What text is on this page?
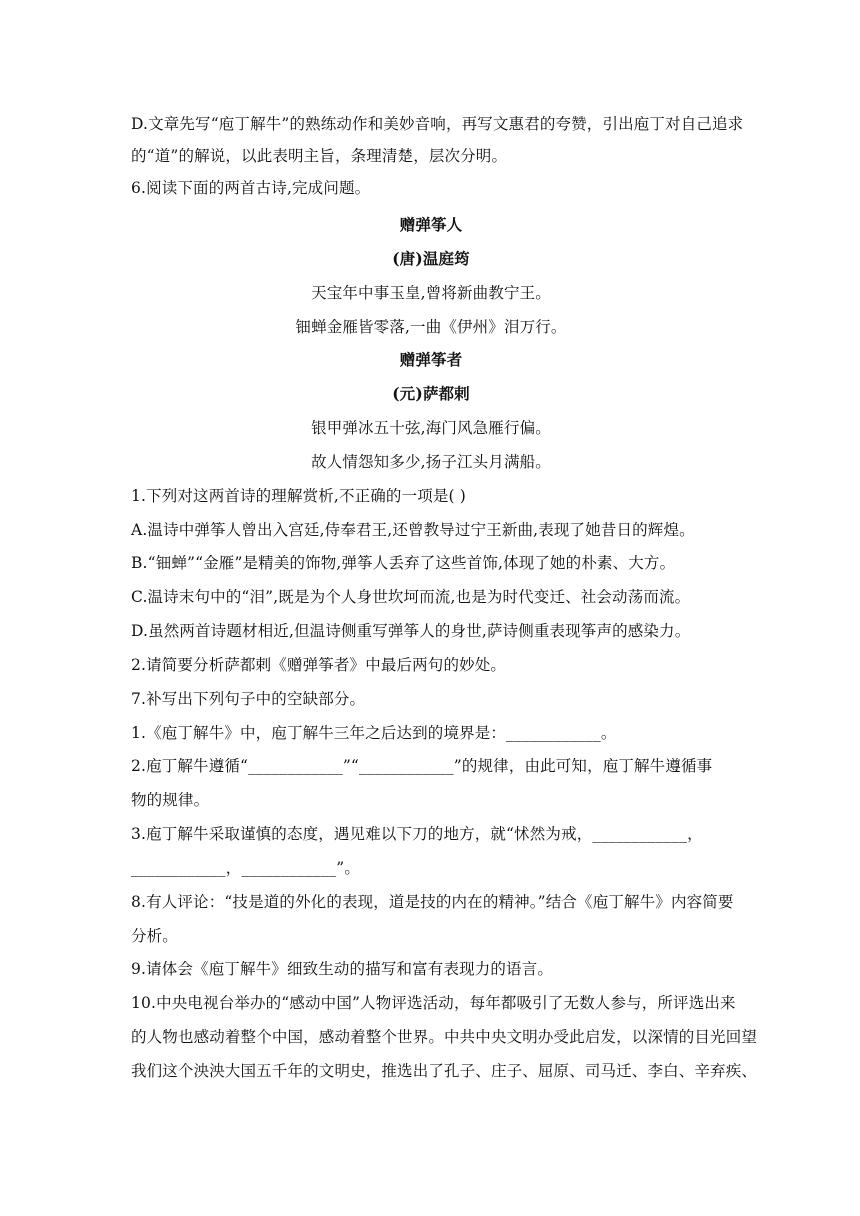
D.文章先写“庖丁解牛”的熟练动作和美妙音响，再写文惠君的夸赞，引出庖丁对自己追求
的“道”的解说，以此表明主旨，条理清楚，层次分明。
6.阅读下面的两首古诗,完成问题。
赠弹筝人
(唐)温庭筠
天宝年中事玉皇,曾将新曲教宁王。
钿蝉金雁皆零落,一曲《伊州》泪万行。
赠弹筝者
(元)萨都剌
银甲弹冰五十弦,海门风急雁行偏。
故人情怨知多少,扬子江头月满船。
1.下列对这两首诗的理解赏析,不正确的一项是( )
A.温诗中弹筝人曾出入宫廷,侍奉君王,还曾教导过宁王新曲,表现了她昔日的辉煌。
B.“钿蝉”“金雁”是精美的饰物,弹筝人丢弃了这些首饰,体现了她的朴素、大方。
C.温诗末句中的“泪”,既是为个人身世坎坷而流,也是为时代变迁、社会动荡而流。
D.虽然两首诗题材相近,但温诗侧重写弹筝人的身世,萨诗侧重表现筝声的感染力。
2.请简要分析萨都剌《赠弹筝者》中最后两句的妙处。
7.补写出下列句子中的空缺部分。
1.《庖丁解牛》中，庖丁解牛三年之后达到的境界是：____________。
2.庖丁解牛遵循“____________”“____________”的规律，由此可知，庖丁解牛遵循事
物的规律。
3.庖丁解牛采取谨慎的态度，遇见难以下刀的地方，就“怵然为戒，____________，
____________，____________”。
8.有人评论：“技是道的外化的表现，道是技的内在的精神。”结合《庖丁解牛》内容简要
分析。
9.请体会《庖丁解牛》细致生动的描写和富有表现力的语言。
10.中央电视台举办的“感动中国”人物评选活动，每年都吸引了无数人参与，所评选出来
的人物也感动着整个中国，感动着整个世界。中共中央文明办受此启发，以深情的目光回望
我们这个泱泱大国五千年的文明史，推选出了孔子、庄子、屈原、司马迁、李白、辛弃疾、
